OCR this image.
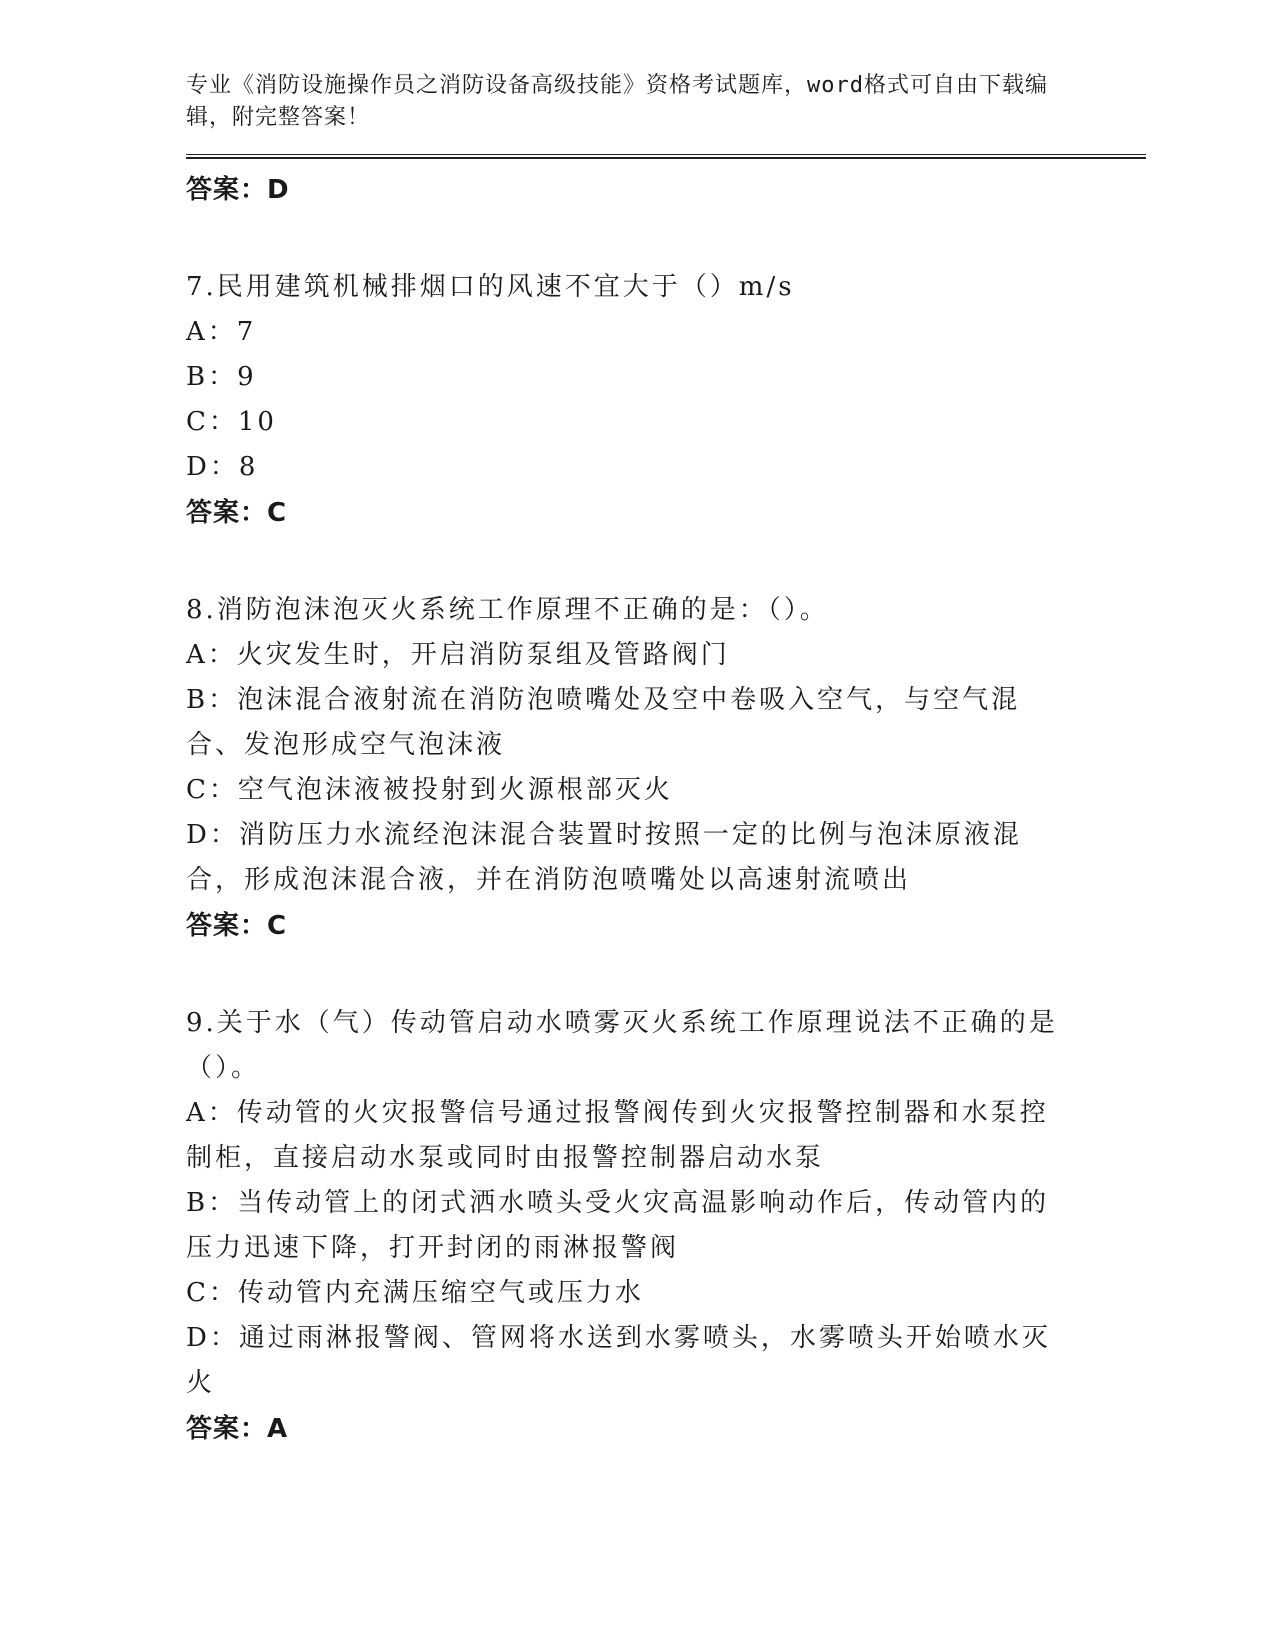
专业《消防设施操作员之消防设备高级技能》资格考试题库，word格式可自由下载编辑，附完整答案！

答案：D
7.民用建筑机械排烟口的风速不宜大于（）m/s
A：7
B：9
C：10
D：8
答案：C
8.消防泡沫泡灭火系统工作原理不正确的是：（）。
A：火灾发生时，开启消防泵组及管路阀门
B：泡沫混合液射流在消防泡喷嘴处及空中卷吸入空气，与空气混合、发泡形成空气泡沫液
C：空气泡沫液被投射到火源根部灭火
D：消防压力水流经泡沫混合装置时按照一定的比例与泡沫原液混合，形成泡沫混合液，并在消防泡喷嘴处以高速射流喷出
答案：C
9.关于水（气）传动管启动水喷雾灭火系统工作原理说法不正确的是（）。
A：传动管的火灾报警信号通过报警阀传到火灾报警控制器和水泵控制柜，直接启动水泵或同时由报警控制器启动水泵
B：当传动管上的闭式洒水喷头受火灾高温影响动作后，传动管内的压力迅速下降，打开封闭的雨淋报警阀
C：传动管内充满压缩空气或压力水
D：通过雨淋报警阀、管网将水送到水雾喷头，水雾喷头开始喷水灭火
答案：A
